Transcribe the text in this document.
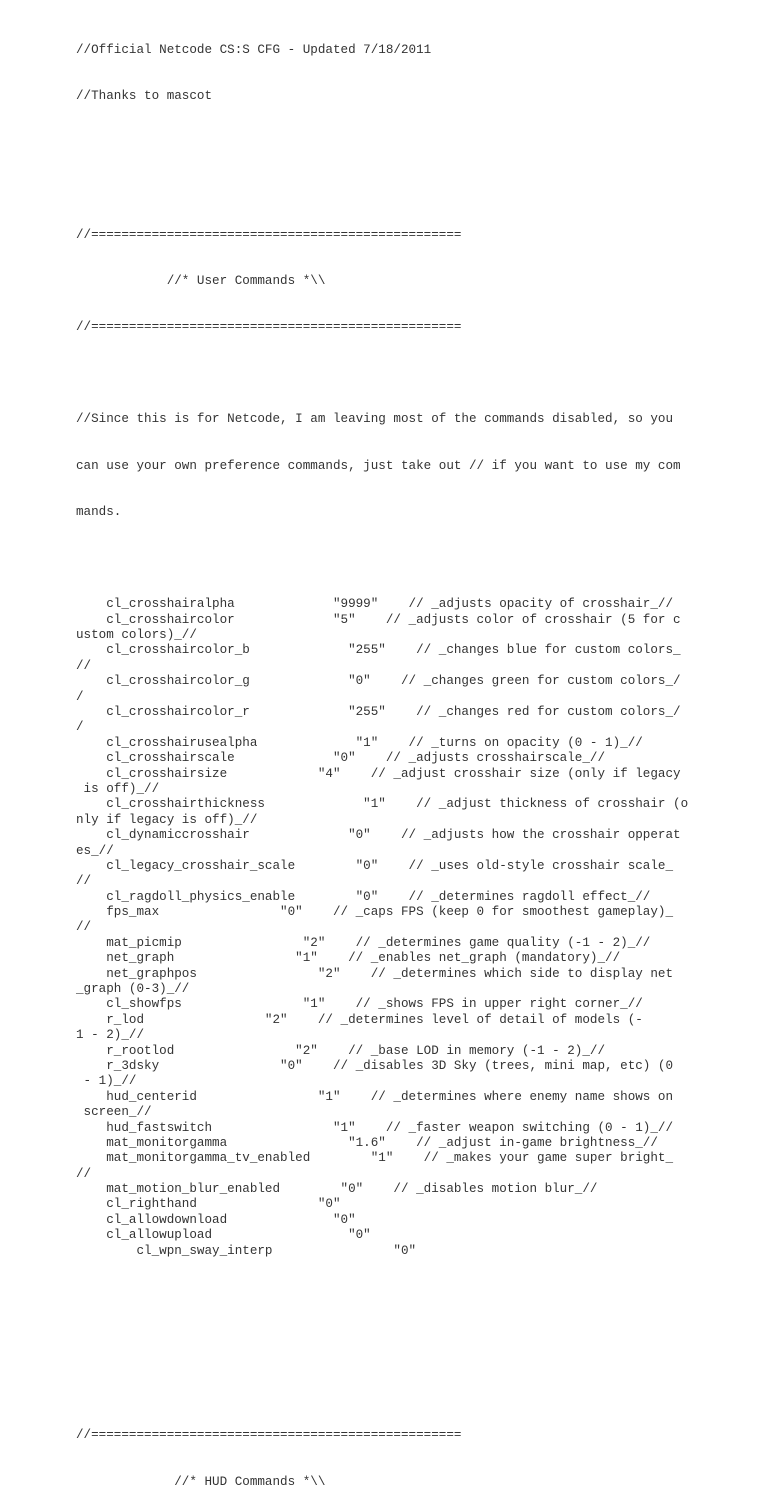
//Official Netcode CS:S CFG - Updated 7/18/2011

//Thanks to mascot

//=================================================

//* User Commands *\\

//=================================================

//Since this is for Netcode, I am leaving most of the commands disabled, so you

can use your own preference commands, just take out // if you want to use my com

mands.

cl_crosshairalpha             "9999"    // _adjusts opacity of crosshair_//
cl_crosshaircolor             "5"    // _adjusts color of crosshair (5 for c
ustom colors)_//
cl_crosshaircolor_b             "255"    // _changes blue for custom colors_
//
cl_crosshaircolor_g             "0"    // _changes green for custom colors_/
/
cl_crosshaircolor_r             "255"    // _changes red for custom colors_/
/
cl_crosshairusealpha             "1"    // _turns on opacity (0 - 1)_//
cl_crosshairscale             "0"    // _adjusts crosshairscale_//
cl_crosshairsize            "4"    // _adjust crosshair size (only if legacy
is off)_//
cl_crosshairthickness             "1"    // _adjust thickness of crosshair (o
nly if legacy is off)_//
cl_dynamiccrosshair             "0"    // _adjusts how the crosshair opperat
es_//
cl_legacy_crosshair_scale        "0"    // _uses old-style crosshair scale_
//
cl_ragdoll_physics_enable        "0"    // _determines ragdoll effect_//
fps_max                "0"    // _caps FPS (keep 0 for smoothest gameplay)_
//
mat_picmip                "2"    // _determines game quality (-1 - 2)_//
net_graph                "1"    // _enables net_graph (mandatory)_//
net_graphpos                "2"    // _determines which side to display net
_graph (0-3)_//
cl_showfps                "1"    // _shows FPS in upper right corner_//
r_lod                "2"    // _determines level of detail of models (-
1 - 2)_//
r_rootlod                "2"    // _base LOD in memory (-1 - 2)_//
r_3dsky                "0"    // _disables 3D Sky (trees, mini map, etc) (0
- 1)_//
hud_centerid                "1"    // _determines where enemy name shows on
screen_//
hud_fastswitch                "1"    // _faster weapon switching (0 - 1)_//
mat_monitorgamma                "1.6"    // _adjust in-game brightness_//
mat_monitorgamma_tv_enabled        "1"    // _makes your game super bright_
//
mat_motion_blur_enabled        "0"    // _disables motion blur_//
cl_righthand                "0"
cl_allowdownload              "0"
cl_allowupload                  "0"
cl_wpn_sway_interp                "0"

//=================================================

//* HUD Commands *\\
